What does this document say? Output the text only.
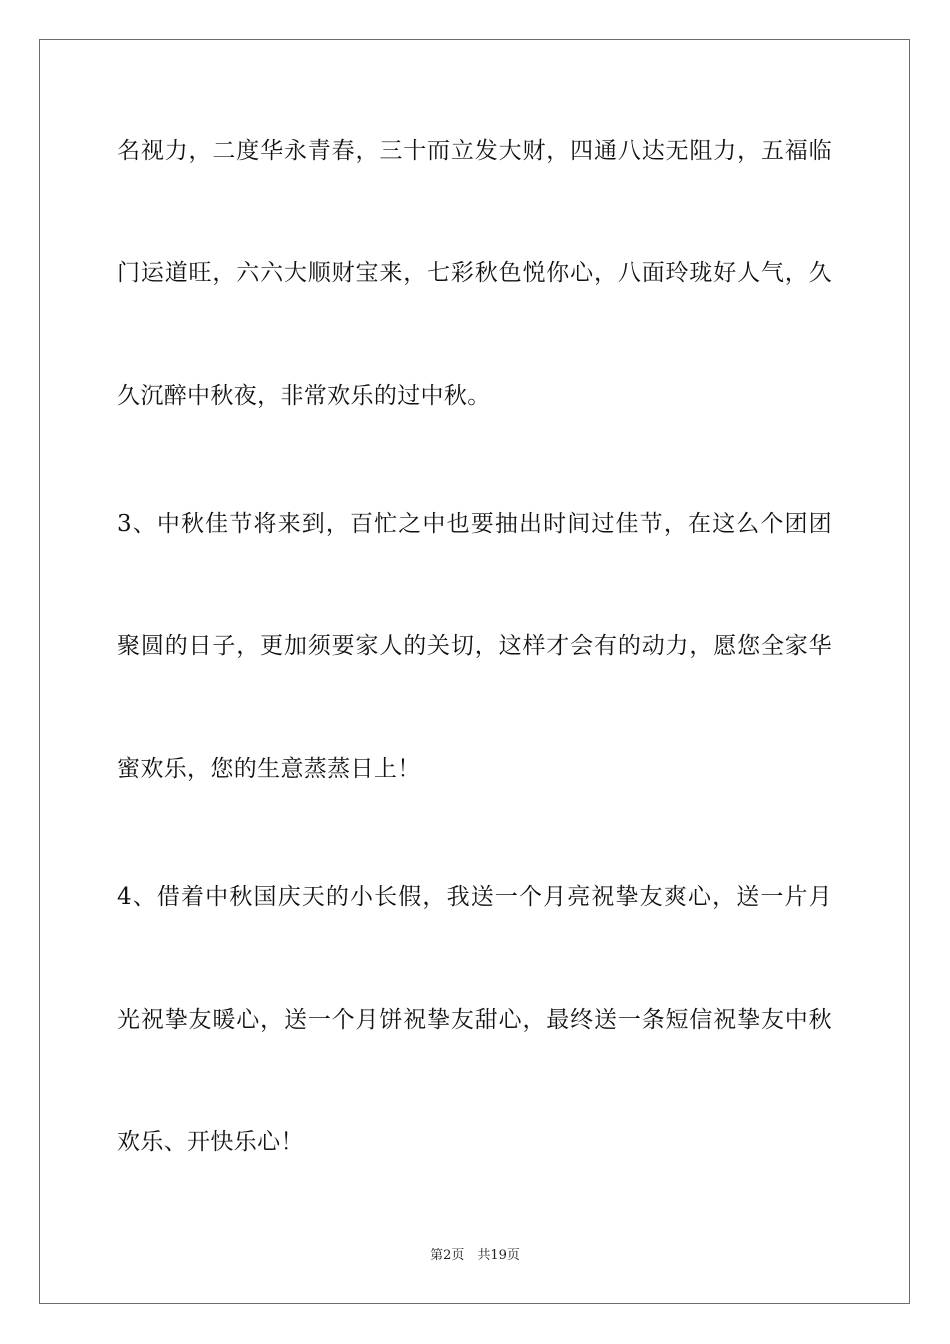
名视力，二度华永青春，三十而立发大财，四通八达无阻力，五福临
门运道旺，六六大顺财宝来，七彩秋色悦你心，八面玲珑好人气，久
久沉醉中秋夜，非常欢乐的过中秋。
3、中秋佳节将来到，百忙之中也要抽出时间过佳节，在这么个团团
聚圆的日子，更加须要家人的关切，这样才会有的动力，愿您全家华
蜜欢乐，您的生意蒸蒸日上！
4、借着中秋国庆天的小长假，我送一个月亮祝挚友爽心，送一片月
光祝挚友暖心，送一个月饼祝挚友甜心，最终送一条短信祝挚友中秋
欢乐、开快乐心！
第2页　共19页
